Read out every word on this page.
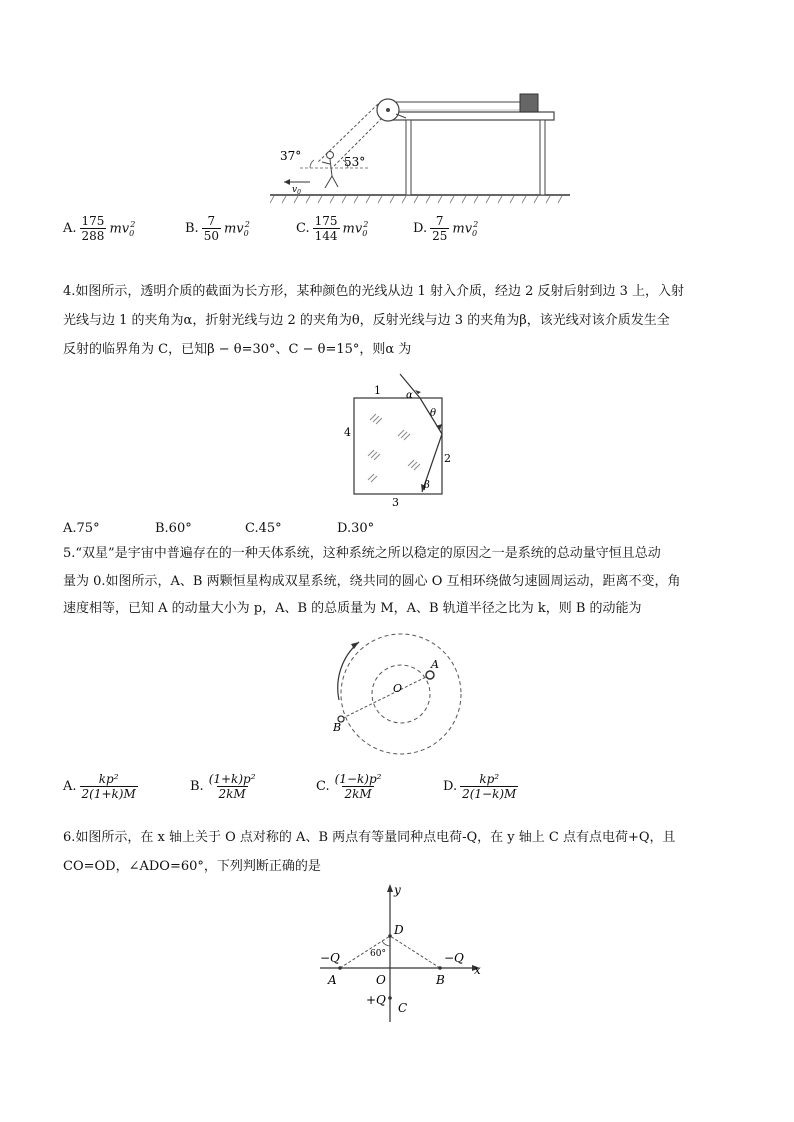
37°	53°
$v_0$
A. $\frac{175}{288} mv_0^2$	B. $\frac{7}{50} mv_0^2$	C. $\frac{175}{144} mv_0^2$	D. $\frac{7}{25} mv_0^2$
4.如图所示，透明介质的截面为长方形，某种颜色的光线从边 1 射入介质，经边 2 反射后射到边 3 上，入射
光线与边 1 的夹角为α，折射光线与边 2 的夹角为θ，反射光线与边 3 的夹角为β，该光线对该介质发生全
反射的临界角为 C，已知β − θ=30°、C − θ=15°，则α 为
1
2
3
4
α
θ
β
A.75°	B.60°	C.45°	D.30°
5.“双星”是宇宙中普遍存在的一种天体系统，这种系统之所以稳定的原因之一是系统的总动量守恒且总动
量为 0.如图所示，A、B 两颗恒星构成双星系统，绕共同的圆心 O 互相环绕做匀速圆周运动，距离不变，角
速度相等，已知 A 的动量大小为 p，A、B 的总质量为 M，A、B 轨道半径之比为 k，则 B 的动能为
A
B
O
A. $\frac{\text{kp²}}{2(1+k)M}$	B. $\frac{\text{(1+k)p²}}{2kM}$	C. $\frac{\text{(1−k)p²}}{2kM}$	D. $\frac{\text{kp²}}{2(1-k)M}$
6.如图所示，在 x 轴上关于 O 点对称的 A、B 两点有等量同种点电荷-Q，在 y 轴上 C 点有点电荷+Q，且
CO=OD，∠ADO=60°，下列判断正确的是
y
x
D
60°
−Q	−Q
A	O	B
+Q
C
